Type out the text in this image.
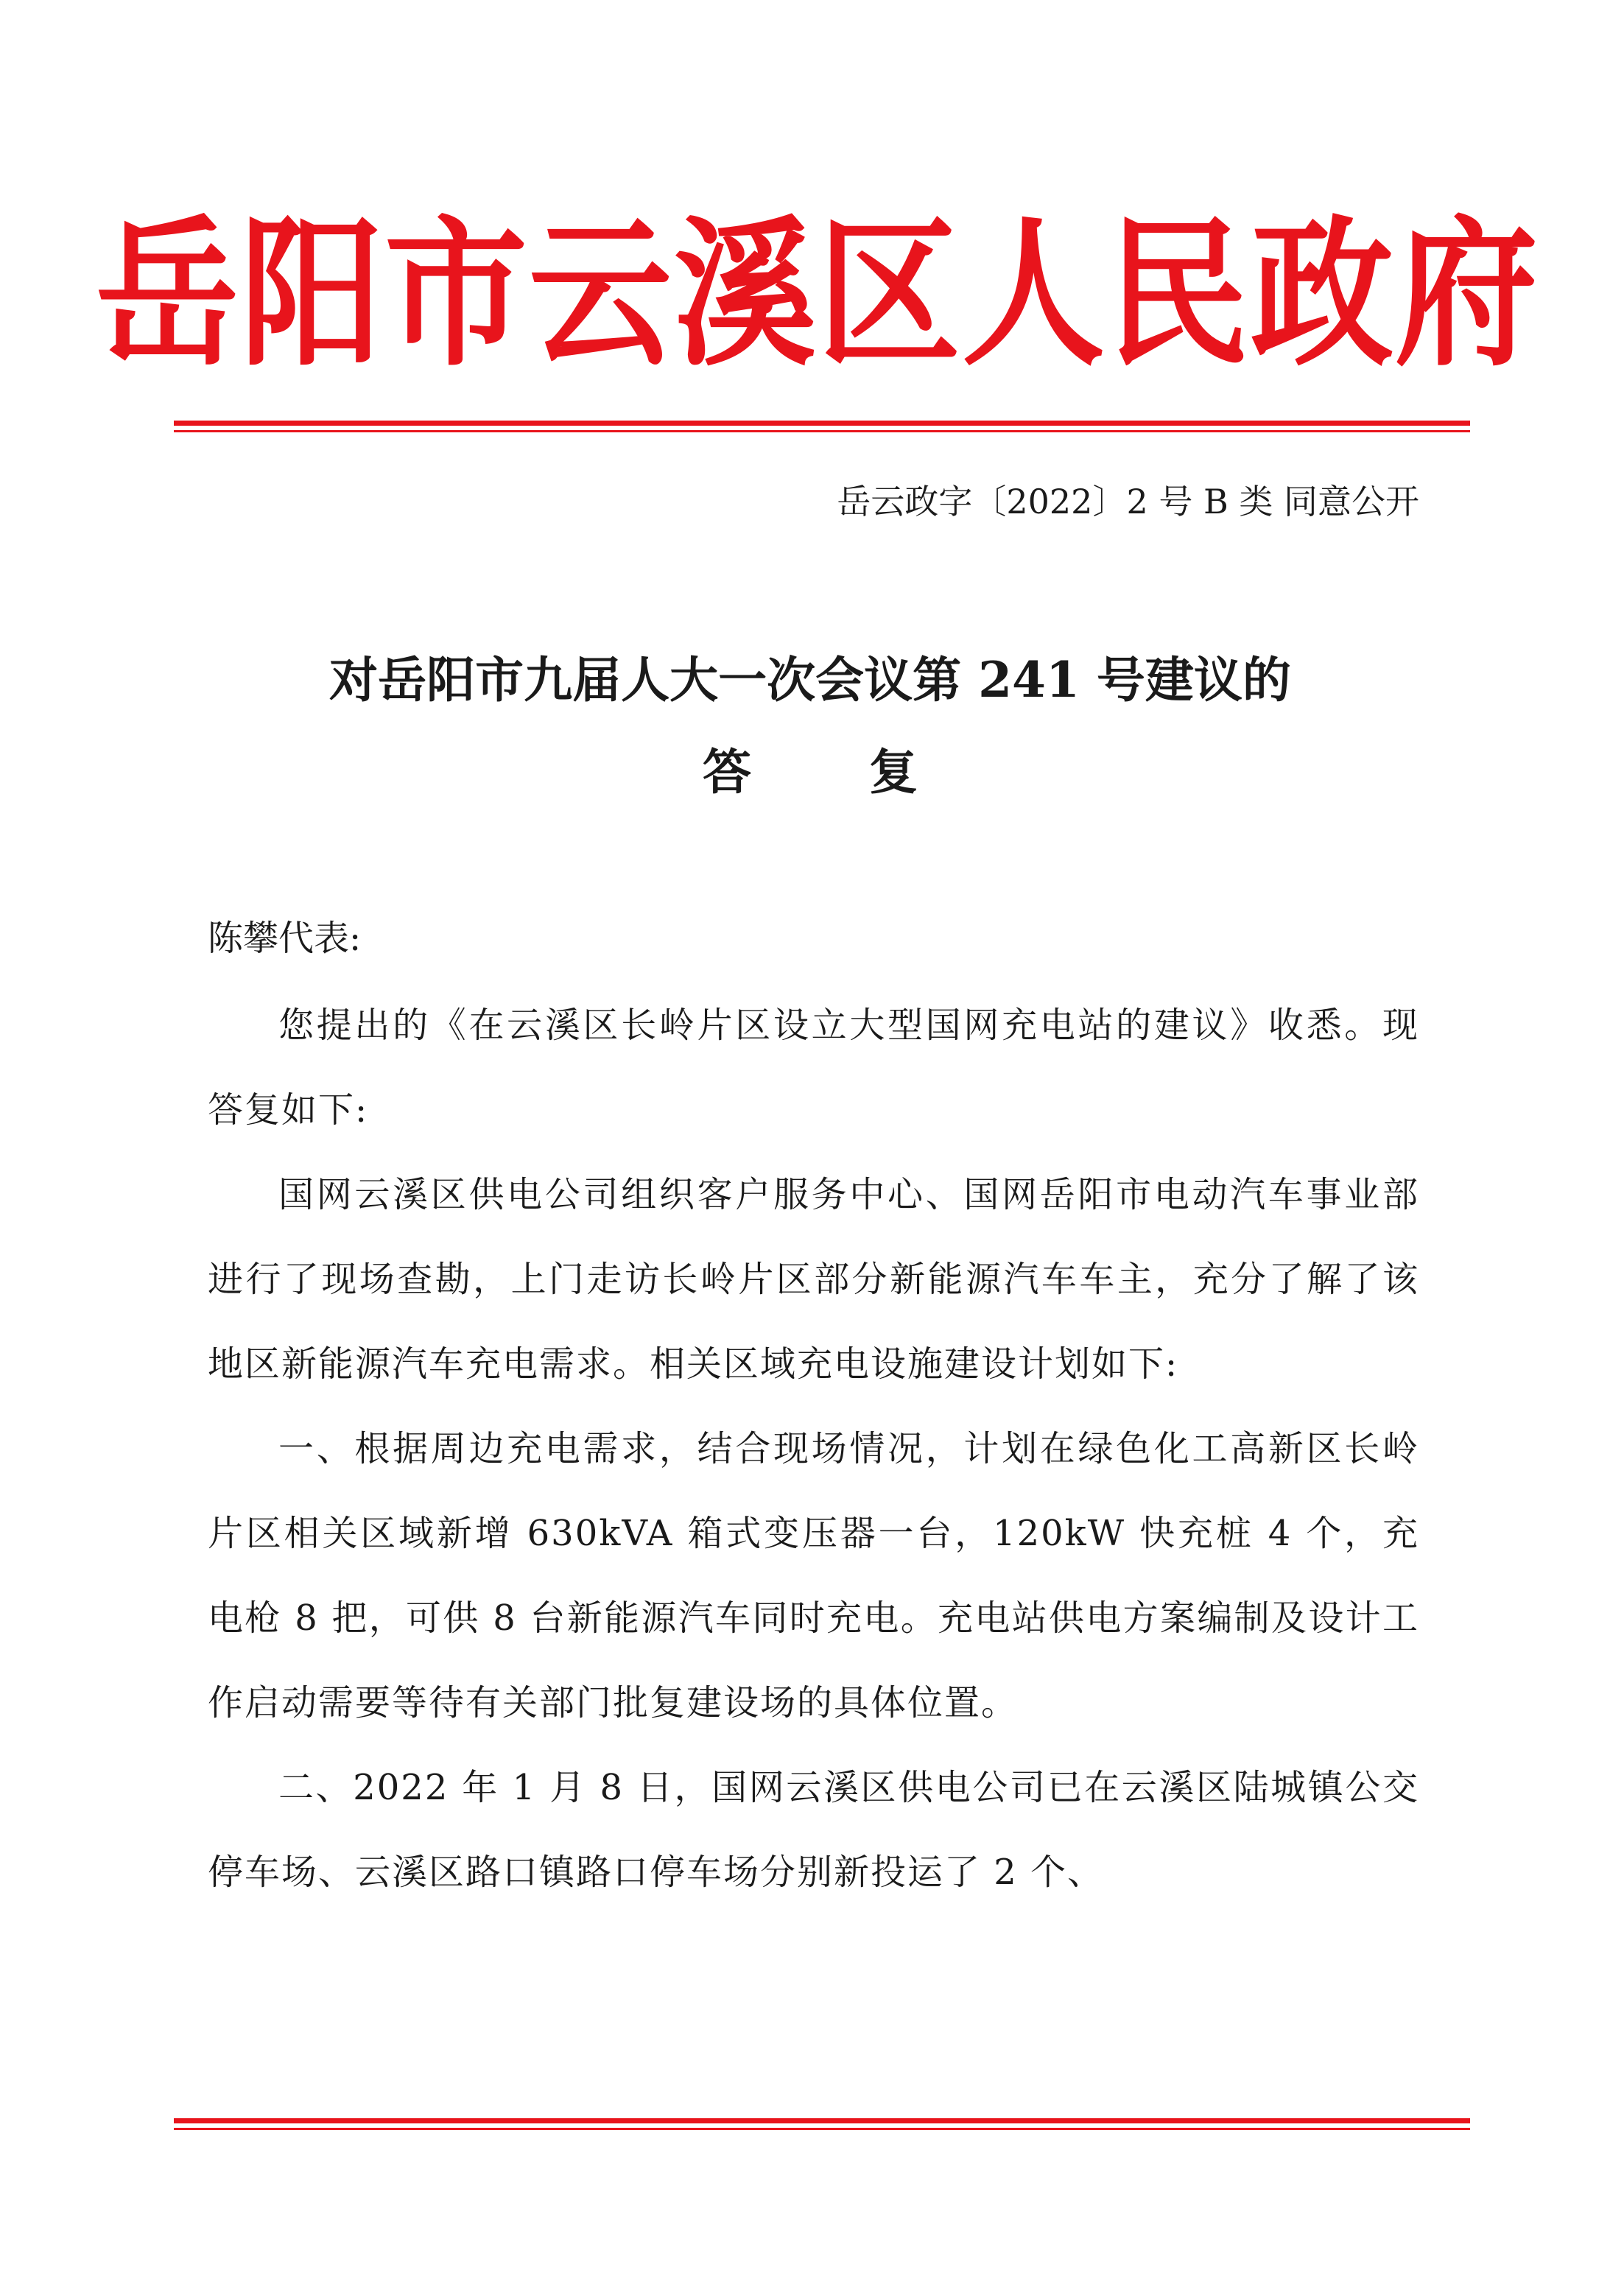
岳阳市云溪区人民政府
岳云政字〔2022〕2 号 B 类 同意公开
对岳阳市九届人大一次会议第 241 号建议的
答 复
陈攀代表:

您提出的《在云溪区长岭片区设立大型国网充电站的建议》收悉。现答复如下:

国网云溪区供电公司组织客户服务中心、国网岳阳市电动汽车事业部进行了现场查勘，上门走访长岭片区部分新能源汽车车主，充分了解了该地区新能源汽车充电需求。相关区域充电设施建设计划如下:

一、根据周边充电需求，结合现场情况，计划在绿色化工高新区长岭片区相关区域新增 630kVA 箱式变压器一台，120kW 快充桩 4 个，充电枪 8 把，可供 8 台新能源汽车同时充电。充电站供电方案编制及设计工作启动需要等待有关部门批复建设场的具体位置。

二、2022 年 1 月 8 日，国网云溪区供电公司已在云溪区陆城镇公交停车场、云溪区路口镇路口停车场分别新投运了 2 个、
